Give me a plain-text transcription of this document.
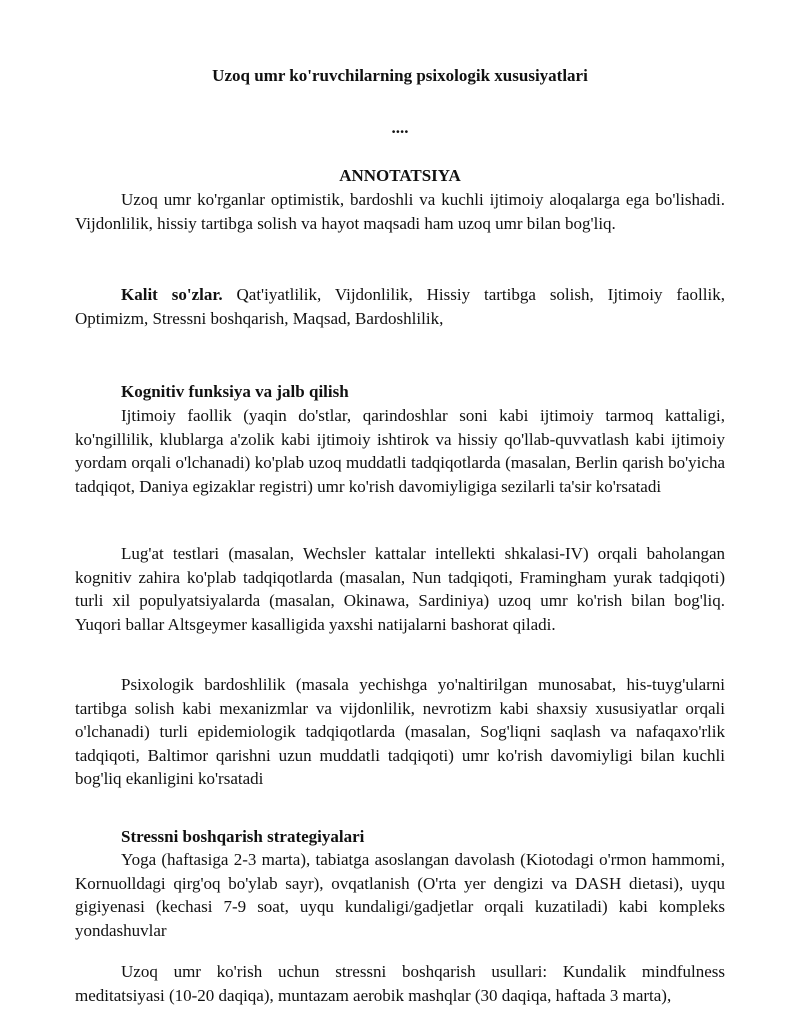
Uzoq umr ko'ruvchilarning psixologik xususiyatlari
....
ANNOTATSIYA

Uzoq umr ko'rganlar optimistik, bardoshli va kuchli ijtimoiy aloqalarga ega bo'lishadi. Vijdonlilik, hissiy tartibga solish va hayot maqsadi ham uzoq umr bilan bog'liq.

Kalit so'zlar. Qat'iyatlilik, Vijdonlilik, Hissiy tartibga solish, Ijtimoiy faollik, Optimizm, Stressni boshqarish, Maqsad, Bardoshlilik,

Kognitiv funksiya va jalb qilish

Ijtimoiy faollik (yaqin do'stlar, qarindoshlar soni kabi ijtimoiy tarmoq kattaligi, ko'ngillilik, klublarga a'zolik kabi ijtimoiy ishtirok va hissiy qo'llab-quvvatlash kabi ijtimoiy yordam orqali o'lchanadi) ko'plab uzoq muddatli tadqiqotlarda (masalan, Berlin qarish bo'yicha tadqiqot, Daniya egizaklar registri) umr ko'rish davomiyligiga sezilarli ta'sir ko'rsatadi

Lug'at testlari (masalan, Wechsler kattalar intellekti shkalasi-IV) orqali baholangan kognitiv zahira ko'plab tadqiqotlarda (masalan, Nun tadqiqoti, Framingham yurak tadqiqoti) turli xil populyatsiyalarda (masalan, Okinawa, Sardiniya) uzoq umr ko'rish bilan bog'liq. Yuqori ballar Altsgeymer kasalligida yaxshi natijalarni bashorat qiladi.

Psixologik bardoshlilik (masala yechishga yo'naltirilgan munosabat, his-tuyg'ularni tartibga solish kabi mexanizmlar va vijdonlilik, nevrotizm kabi shaxsiy xususiyatlar orqali o'lchanadi) turli epidemiologik tadqiqotlarda (masalan, Sog'liqni saqlash va nafaqaxo'rlik tadqiqoti, Baltimor qarishni uzun muddatli tadqiqoti) umr ko'rish davomiyligi bilan kuchli bog'liq ekanligini ko'rsatadi

Stressni boshqarish strategiyalari

Yoga (haftasiga 2-3 marta), tabiatga asoslangan davolash (Kiotodagi o'rmon hammomi, Kornuolldagi qirg'oq bo'ylab sayr), ovqatlanish (O'rta yer dengizi va DASH dietasi), uyqu gigiyenasi (kechasi 7-9 soat, uyqu kundaligi/gadjetlar orqali kuzatiladi) kabi kompleks yondashuvlar

Uzoq umr ko'rish uchun stressni boshqarish usullari: Kundalik mindfulness meditatsiyasi (10-20 daqiqa), muntazam aerobik mashqlar (30 daqiqa, haftada 3 marta),
